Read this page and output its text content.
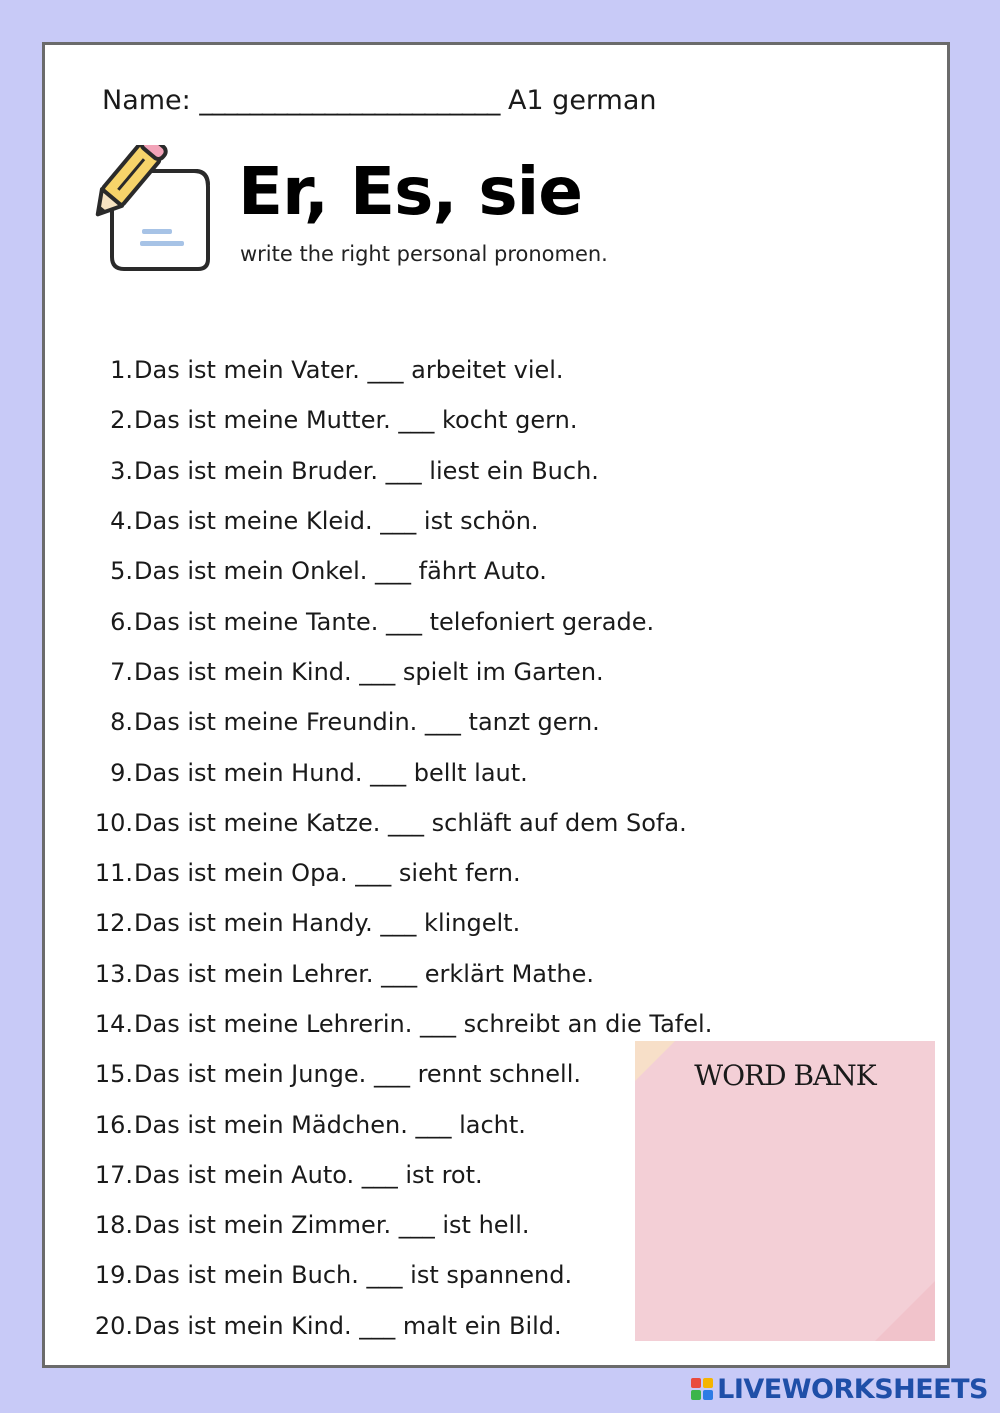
Name: ________________________ A1 german
Er, Es, sie
write the right personal pronomen.
1. Das ist mein Vater. ___ arbeitet viel.
2. Das ist meine Mutter. ___ kocht gern.
3. Das ist mein Bruder. ___ liest ein Buch.
4. Das ist meine Kleid. ___ ist schön.
5. Das ist mein Onkel. ___ fährt Auto.
6. Das ist meine Tante. ___ telefoniert gerade.
7. Das ist mein Kind. ___ spielt im Garten.
8. Das ist meine Freundin. ___ tanzt gern.
9. Das ist mein Hund. ___ bellt laut.
10. Das ist meine Katze. ___ schläft auf dem Sofa.
11. Das ist mein Opa. ___ sieht fern.
12. Das ist mein Handy. ___ klingelt.
13. Das ist mein Lehrer. ___ erklärt Mathe.
14. Das ist meine Lehrerin. ___ schreibt an die Tafel.
15. Das ist mein Junge. ___ rennt schnell.
16. Das ist mein Mädchen. ___ lacht.
17. Das ist mein Auto. ___ ist rot.
18. Das ist mein Zimmer. ___ ist hell.
19. Das ist mein Buch. ___ ist spannend.
20. Das ist mein Kind. ___ malt ein Bild.
WORD BANK
LIVEWORKSHEETS
